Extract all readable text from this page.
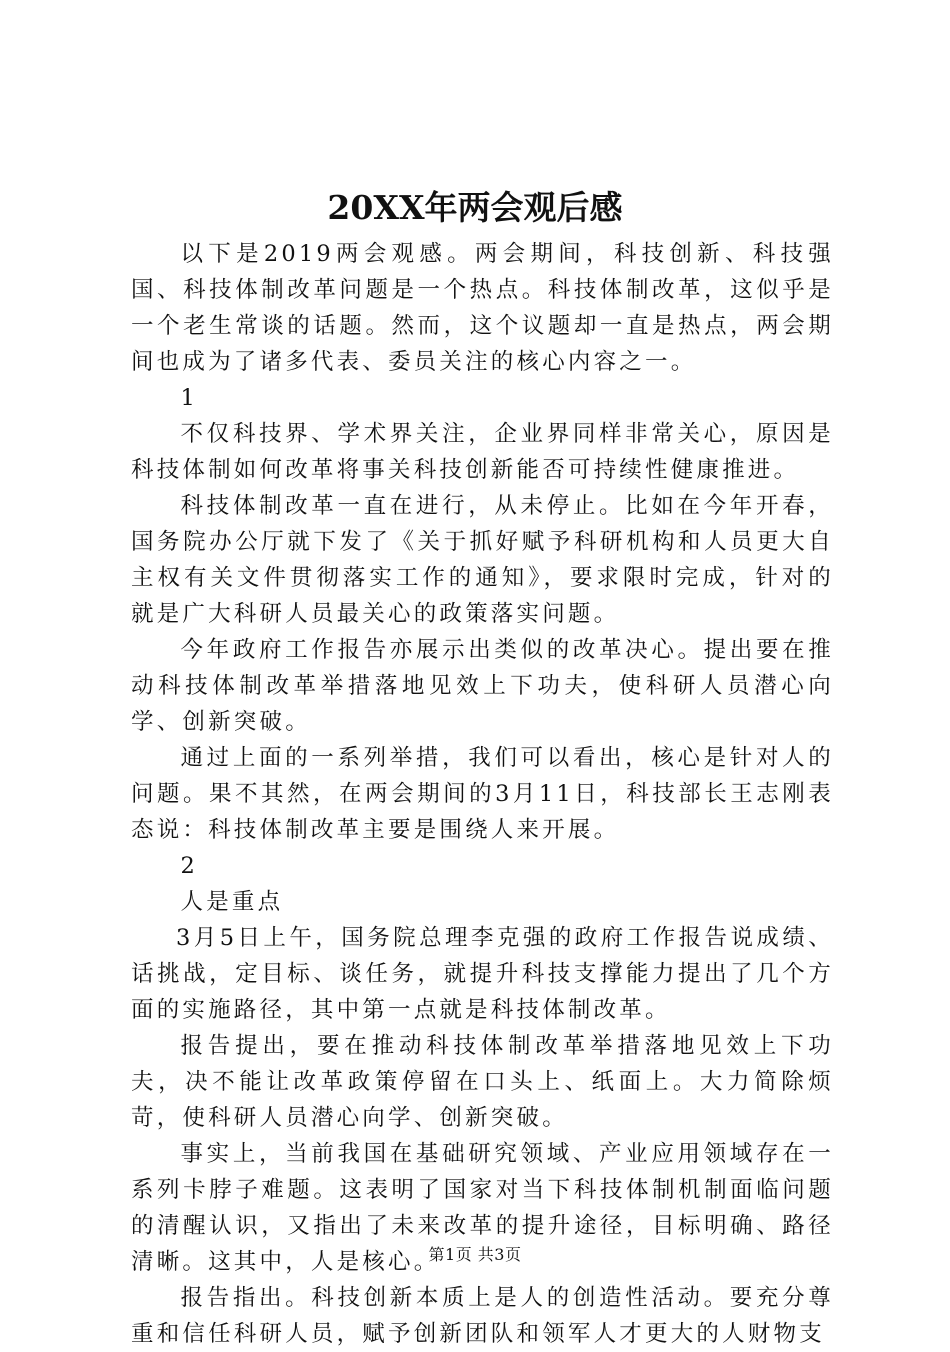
20XX年两会观后感

以下是2019两会观感。两会期间，科技创新、科技强国、科技体制改革问题是一个热点。科技体制改革，这似乎是一个老生常谈的话题。然而，这个议题却一直是热点，两会期间也成为了诸多代表、委员关注的核心内容之一。

1

不仅科技界、学术界关注，企业界同样非常关心，原因是科技体制如何改革将事关科技创新能否可持续性健康推进。

科技体制改革一直在进行，从未停止。比如在今年开春，国务院办公厅就下发了《关于抓好赋予科研机构和人员更大自主权有关文件贯彻落实工作的通知》，要求限时完成，针对的就是广大科研人员最关心的政策落实问题。

今年政府工作报告亦展示出类似的改革决心。提出要在推动科技体制改革举措落地见效上下功夫，使科研人员潜心向学、创新突破。

通过上面的一系列举措，我们可以看出，核心是针对人的问题。果不其然，在两会期间的3月11日，科技部长王志刚表态说：科技体制改革主要是围绕人来开展。

2

人是重点

3月5日上午，国务院总理李克强的政府工作报告说成绩、话挑战，定目标、谈任务，就提升科技支撑能力提出了几个方面的实施路径，其中第一点就是科技体制改革。

报告提出，要在推动科技体制改革举措落地见效上下功夫，决不能让改革政策停留在口头上、纸面上。大力简除烦苛，使科研人员潜心向学、创新突破。

事实上，当前我国在基础研究领域、产业应用领域存在一系列卡脖子难题。这表明了国家对当下科技体制机制面临问题的清醒认识，又指出了未来改革的提升途径，目标明确、路径清晰。这其中，人是核心。

报告指出。科技创新本质上是人的创造性活动。要充分尊重和信任科研人员，赋予创新团队和领军人才更大的人财物支

第1页 共3页
